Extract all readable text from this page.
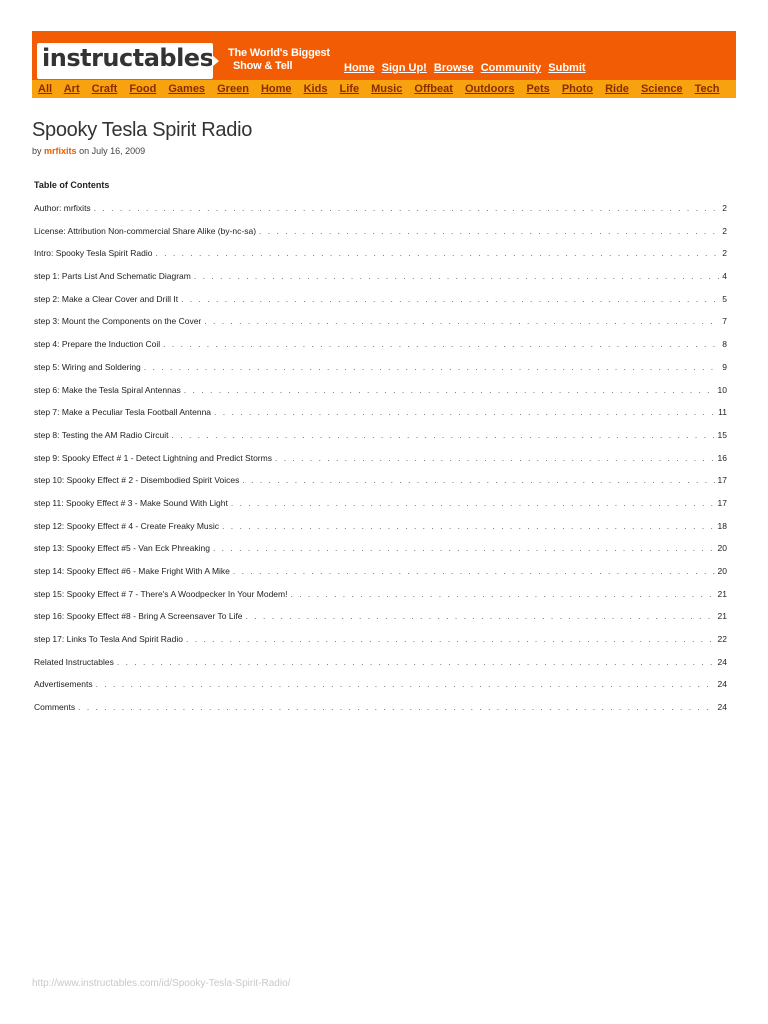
instructables The World's Biggest
Show & Tell	Home Sign Up! Browse Community Submit
All Art Craft Food Games Green Home Kids Life Music Offbeat Outdoors Pets Photo Ride Science Tech
Spooky Tesla Spirit Radio
by mrfixits on July 16, 2009
Table of Contents
Author: mrfixits . . .	2
License: Attribution Non-commercial Share Alike (by-nc-sa) . . .	2
Intro: Spooky Tesla Spirit Radio . . .	2
step 1: Parts List And Schematic Diagram . . .	4
step 2: Make a Clear Cover and Drill It . . .	5
step 3: Mount the Components on the Cover . . .	7
step 4: Prepare the Induction Coil . . .	8
step 5: Wiring and Soldering . . .	9
step 6: Make the Tesla Spiral Antennas . . .	10
step 7: Make a Peculiar Tesla Football Antenna . . .	11
step 8: Testing the AM Radio Circuit . . .	15
step 9: Spooky Effect # 1 - Detect Lightning and Predict Storms . . .	16
step 10: Spooky Effect # 2 - Disembodied Spirit Voices . . .	17
step 11: Spooky Effect # 3 - Make Sound With Light . . .	17
step 12: Spooky Effect # 4 - Create Freaky Music . . .	18
step 13: Spooky Effect #5 - Van Eck Phreaking . . .	20
step 14: Spooky Effect #6 - Make Fright With A Mike . . .	20
step 15: Spooky Effect # 7 - There's A Woodpecker In Your Modem! . . .	21
step 16: Spooky Effect #8 - Bring A Screensaver To Life . . .	21
step 17: Links To Tesla And Spirit Radio . . .	22
Related Instructables . . .	24
Advertisements . . .	24
Comments . . .	24
http://www.instructables.com/id/Spooky-Tesla-Spirit-Radio/
